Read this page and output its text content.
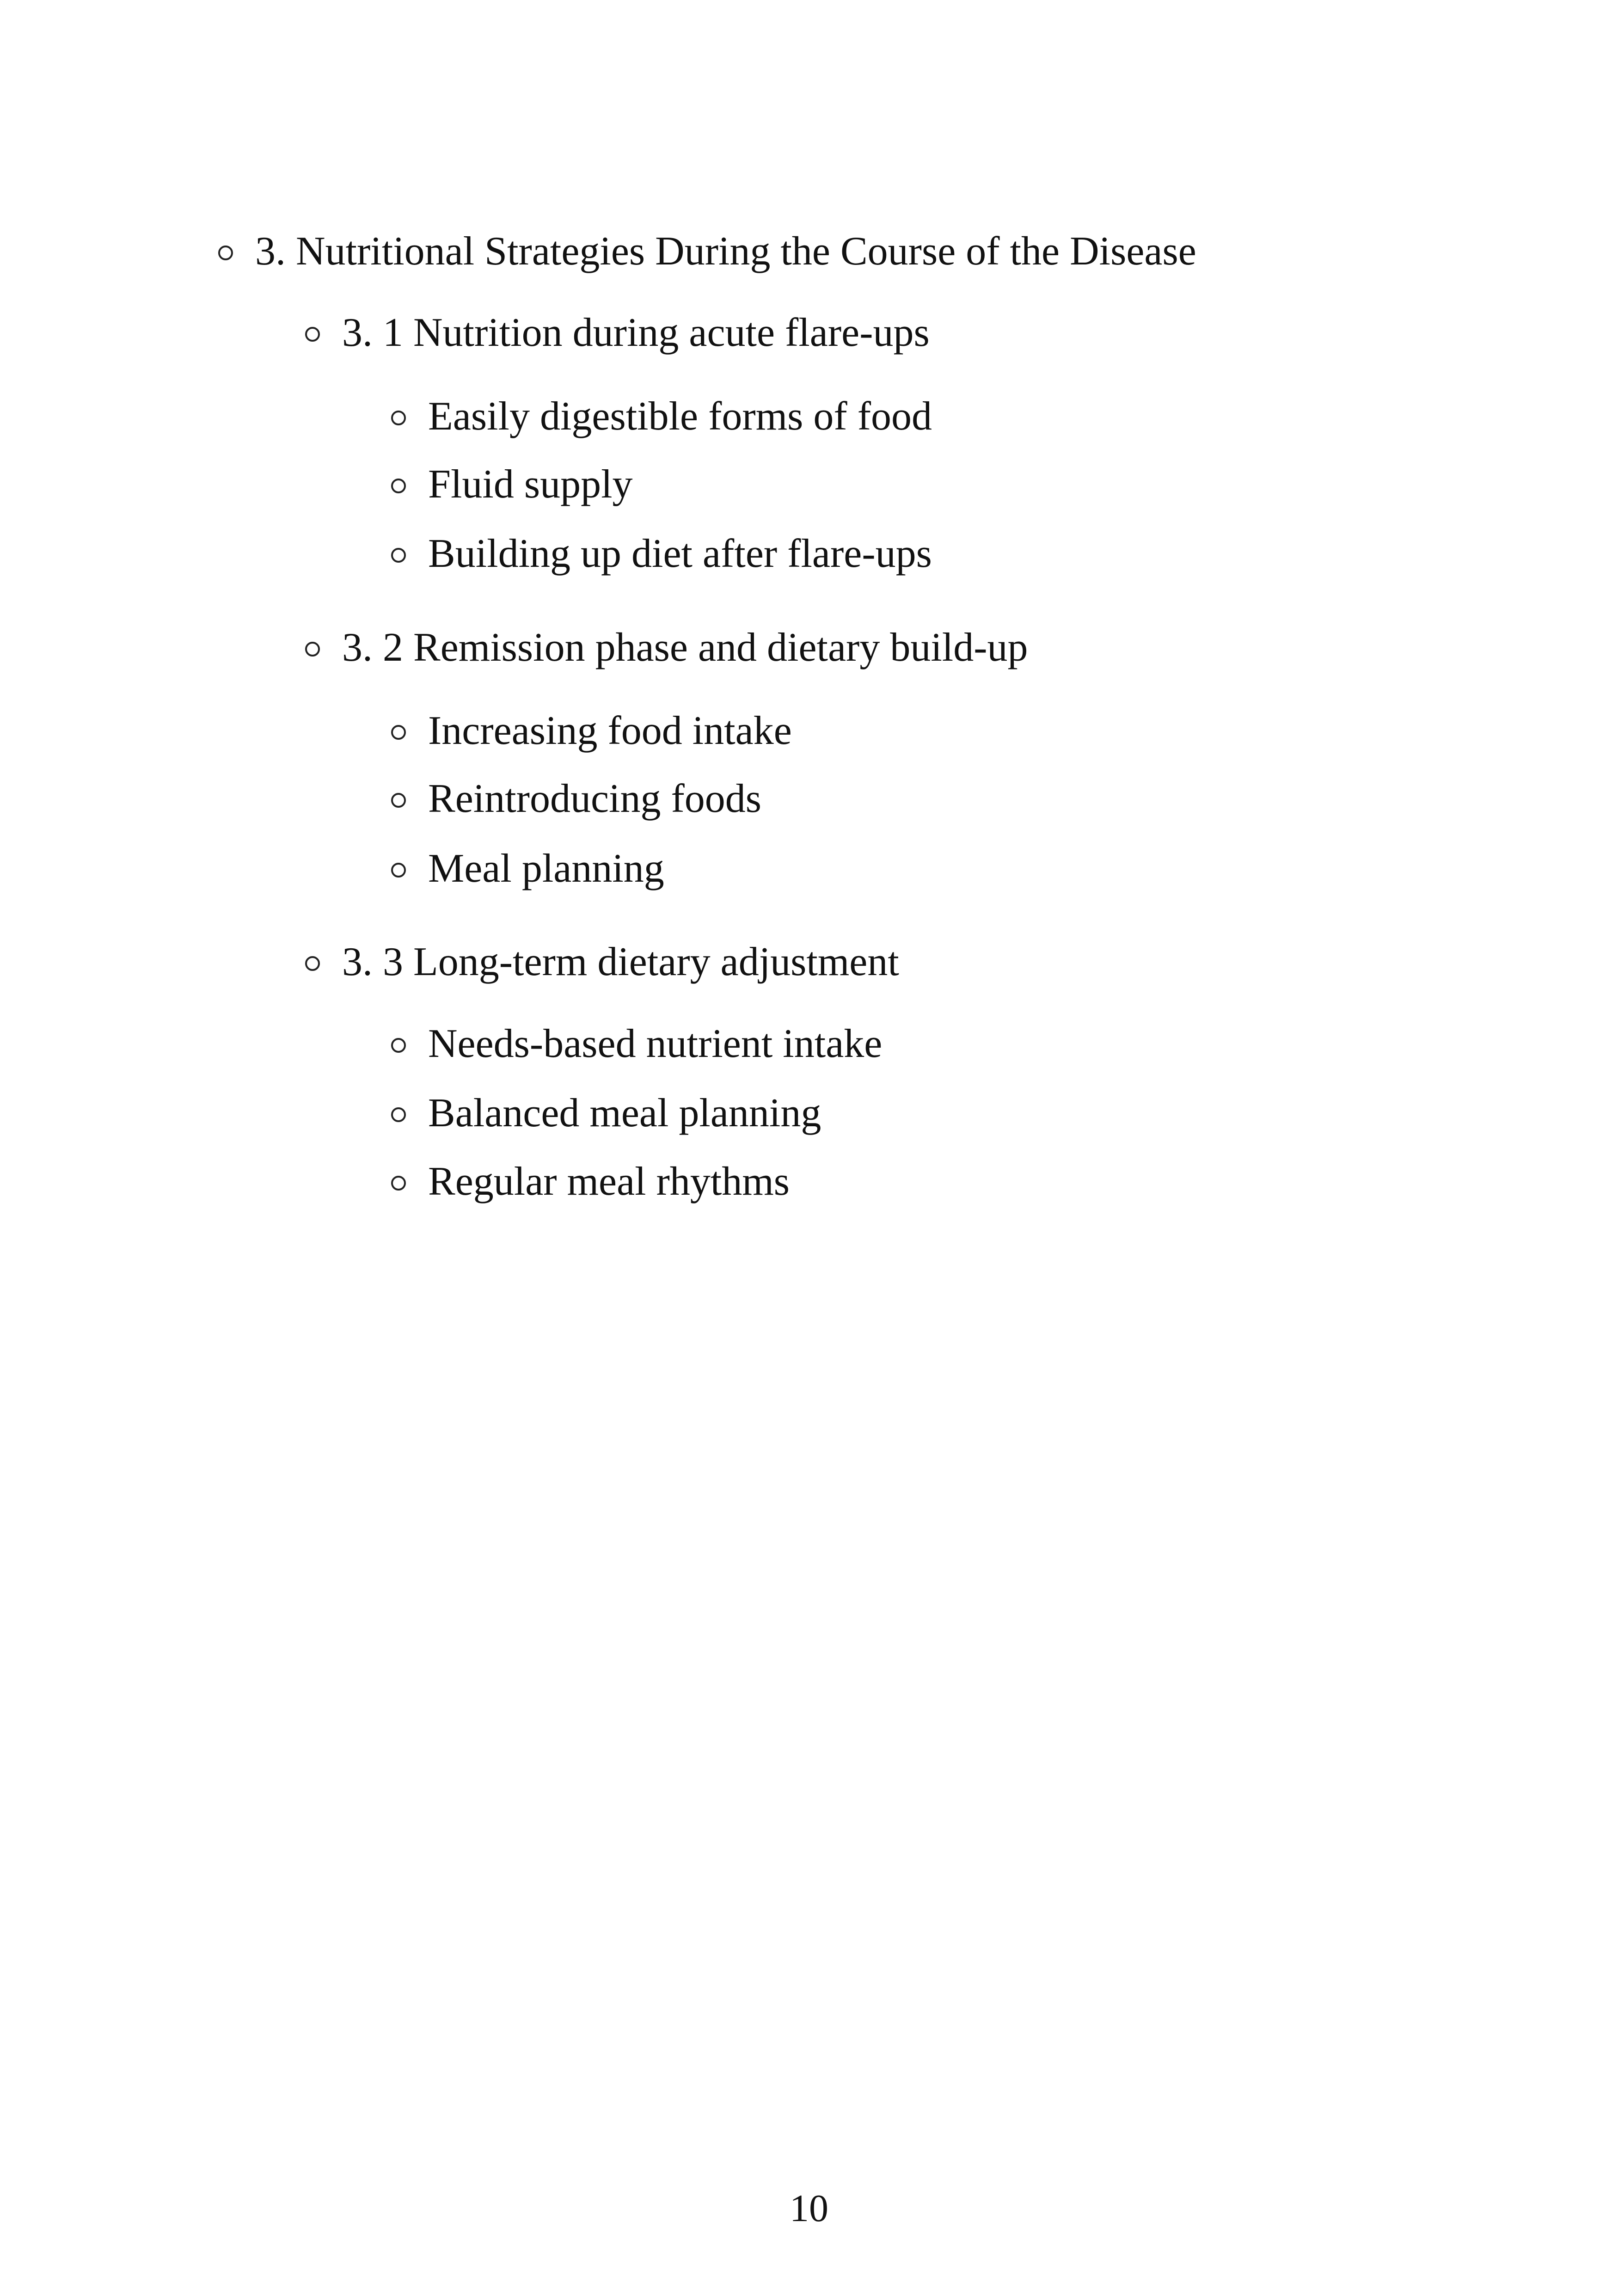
3. Nutritional Strategies During the Course of the Disease
3. 1 Nutrition during acute flare-ups
Easily digestible forms of food
Fluid supply
Building up diet after flare-ups
3. 2 Remission phase and dietary build-up
Increasing food intake
Reintroducing foods
Meal planning
3. 3 Long-term dietary adjustment
Needs-based nutrient intake
Balanced meal planning
Regular meal rhythms
10
